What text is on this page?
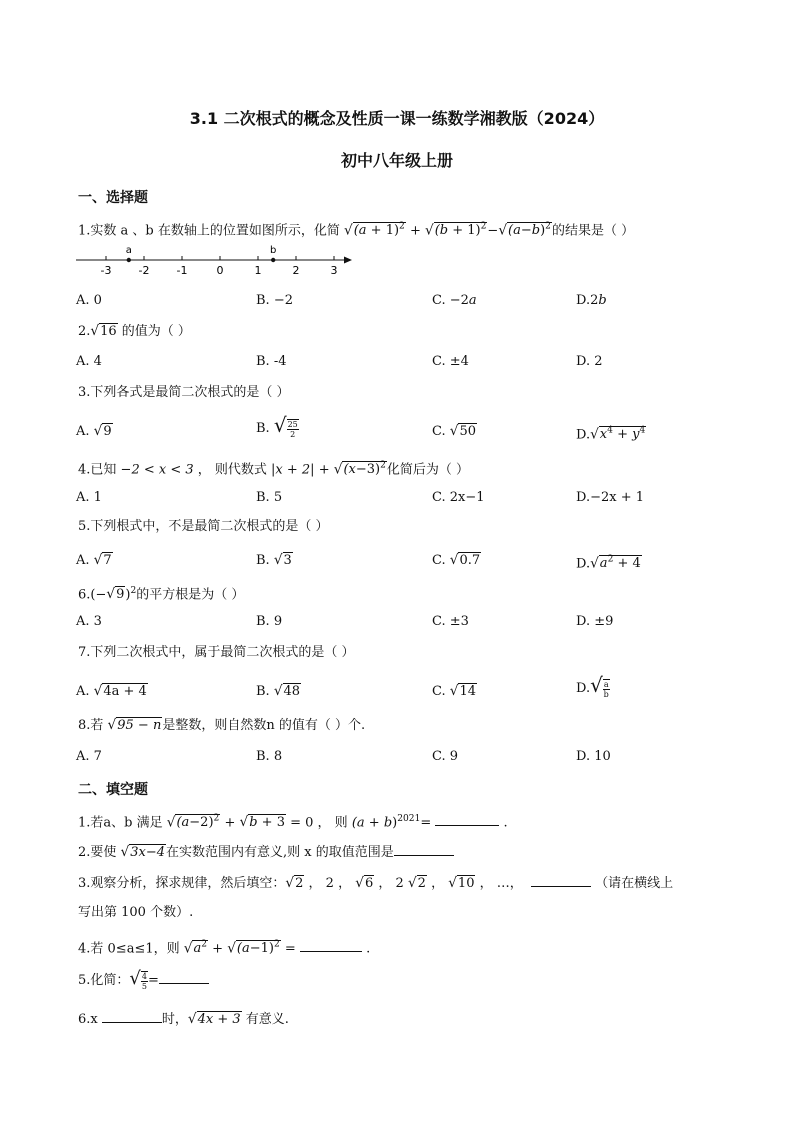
3.1 二次根式的概念及性质一课一练数学湘教版（2024）
初中八年级上册
一、选择题
1.实数 a 、b 在数轴上的位置如图所示，化简 $√(a + 1)^2 + √(b + 1)^2-√(a-b)^2$的结果是（ ）
-3 -2 -1	0	1	2	3
a	b
A. 0	B. −2	C. −2a	D.2b
2.√16 的值为（ ）
A. 4	B. -4	C. ±4	D. 2
3.下列各式是最简二次根式的是（ ）
A. √9	B. √ $\frac{25}{2}$	C. √50	$D.√x^4 + y^4$
4.已知 −2 < x < 3 ， 则代数式 $|x + 2| + √(x-3)^2$化简后为（ ）
A. 1	B. 5	C. 2x−1	D.−2x + 1
5.下列根式中，不是最简二次根式的是（ ）
A. √7	B. √3	C. √0.7	$D.√a^2 + 4$
$6.(-√9)^2$的平方根是为（ ）
A. 3	B. 9	C. ±3	D. ±9
7.下列二次根式中，属于最简二次根式的是（ ）
A. √4a + 4	B. √48	C. √14	$D.√ \frac{a}{b}$
8.若 √95 − n是整数，则自然数n 的值有（ ）个.
A. 7	B. 8	C. 9	D. 10
二、填空题
1.若a、b 满足 $√(a-2)^2 + √b + 3 = 0$ ， 则 $(a + b)^{2021}=$	.
2.要使 √3x−4在实数范围内有意义,则 x 的取值范围是
3.观察分析，探求规律，然后填空：√2 ， 2 ， √6 ， 2 √2 ， √10 ， …，	（请在横线上
写出第 100 个数）.
4.若 0≤a≤1，则 $√a^2 + √(a-1)^2$ =	.
5.化简：√ $\frac{4}{5}$ =
6.x	时，√4x + 3 有意义.
